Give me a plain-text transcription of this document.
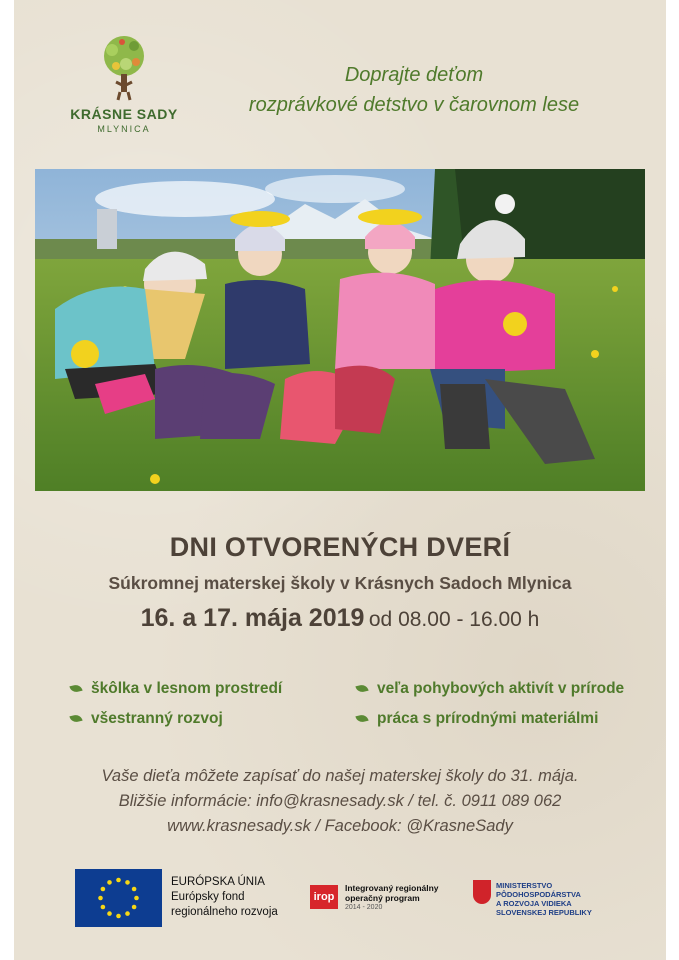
KRÁSNE SADY
MLYNICA
Doprajte deťom
rozprávkové detstvo v čarovnom lese
DNI OTVORENÝCH DVERÍ
Súkromnej materskej školy v Krásnych Sadoch Mlynica
16. a 17. mája 2019 od 08.00 - 16.00 h
škôlka v lesnom prostredí
všestranný rozvoj
veľa pohybových aktivít v prírode
práca s prírodnými materiálmi
Vaše dieťa môžete zapísať do našej materskej školy do 31. mája.
Bližšie informácie: info@krasnesady.sk / tel. č. 0911 089 062
www.krasnesady.sk / Facebook: @KrasneSady
EURÓPSKA ÚNIA
Európsky fond
regionálneho rozvoja
irop
Integrovaný regionálny
operačný program
2014 - 2020
MINISTERSTVO
PÔDOHOSPODÁRSTVA
A ROZVOJA VIDIEKA
SLOVENSKEJ REPUBLIKY
